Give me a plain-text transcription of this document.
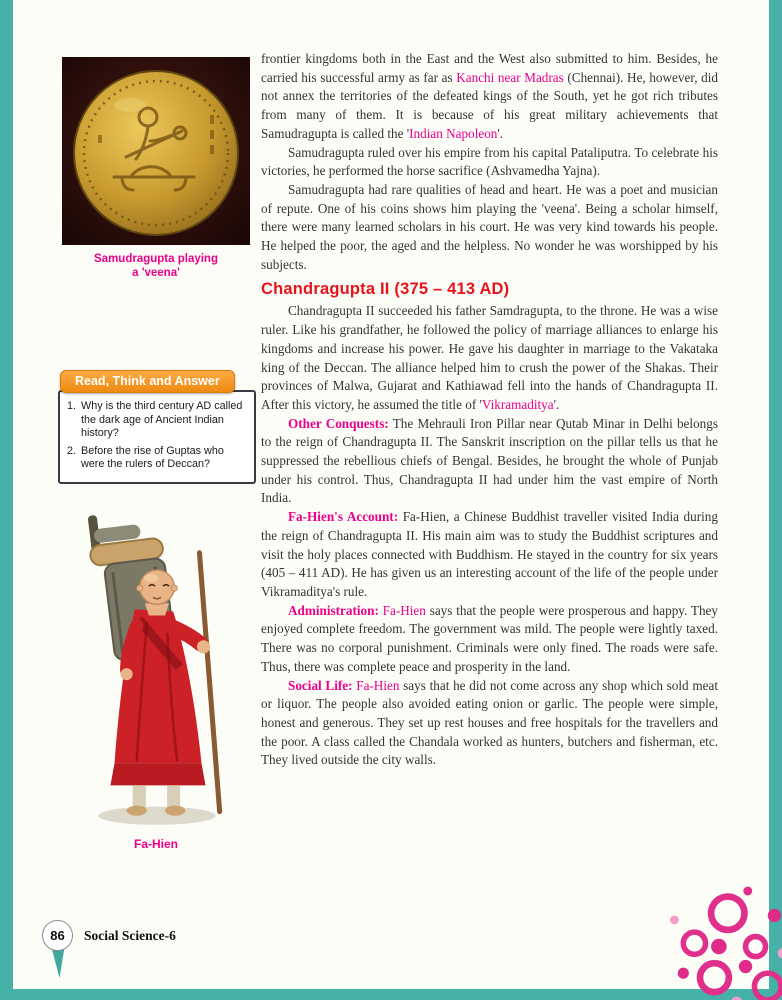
Samudragupta playing
a 'veena'
Read, Think and Answer
1. Why is the third century AD called the dark age of Ancient Indian history?
2. Before the rise of Guptas who were the rulers of Deccan?
Fa-Hien

frontier kingdoms both in the East and the West also submitted to him. Besides, he carried his successful army as far as Kanchi near Madras (Chennai). He, however, did not annex the territories of the defeated kings of the South, yet he got rich tributes from many of them. It is because of his great military achievements that Samudragupta is called the 'Indian Napoleon'.

Samudragupta ruled over his empire from his capital Pataliputra. To celebrate his victories, he performed the horse sacrifice (Ashvamedha Yajna).

Samudragupta had rare qualities of head and heart. He was a poet and musician of repute. One of his coins shows him playing the 'veena'. Being a scholar himself, there were many learned scholars in his court. He was very kind towards his people. He helped the poor, the aged and the helpless. No wonder he was worshipped by his subjects.

Chandragupta II (375 – 413 AD)

Chandragupta II succeeded his father Samdragupta, to the throne. He was a wise ruler. Like his grandfather, he followed the policy of marriage alliances to enlarge his kingdoms and increase his power. He gave his daughter in marriage to the Vakataka king of the Deccan. The alliance helped him to crush the power of the Shakas. Their provinces of Malwa, Gujarat and Kathiawad fell into the hands of Chandragupta II. After this victory, he assumed the title of 'Vikramaditya'.

Other Conquests: The Mehrauli Iron Pillar near Qutab Minar in Delhi belongs to the reign of Chandragupta II. The Sanskrit inscription on the pillar tells us that he suppressed the rebellious chiefs of Bengal. Besides, he brought the whole of Punjab under his control. Thus, Chandragupta II had under him the vast empire of North India.

Fa-Hien's Account: Fa-Hien, a Chinese Buddhist traveller visited India during the reign of Chandragupta II. His main aim was to study the Buddhist scriptures and visit the holy places connected with Buddhism. He stayed in the country for six years (405 – 411 AD). He has given us an interesting account of the life of the people under Vikramaditya's rule.

Administration: Fa-Hien says that the people were prosperous and happy. They enjoyed complete freedom. The government was mild. The people were lightly taxed. There was no corporal punishment. Criminals were only fined. The roads were safe. Thus, there was complete peace and prosperity in the land.

Social Life: Fa-Hien says that he did not come across any shop which sold meat or liquor. The people also avoided eating onion or garlic. The people were simple, honest and generous. They set up rest houses and free hospitals for the travellers and the poor. A class called the Chandala worked as hunters, butchers and fisherman, etc. They lived outside the city walls.

86	Social Science-6
